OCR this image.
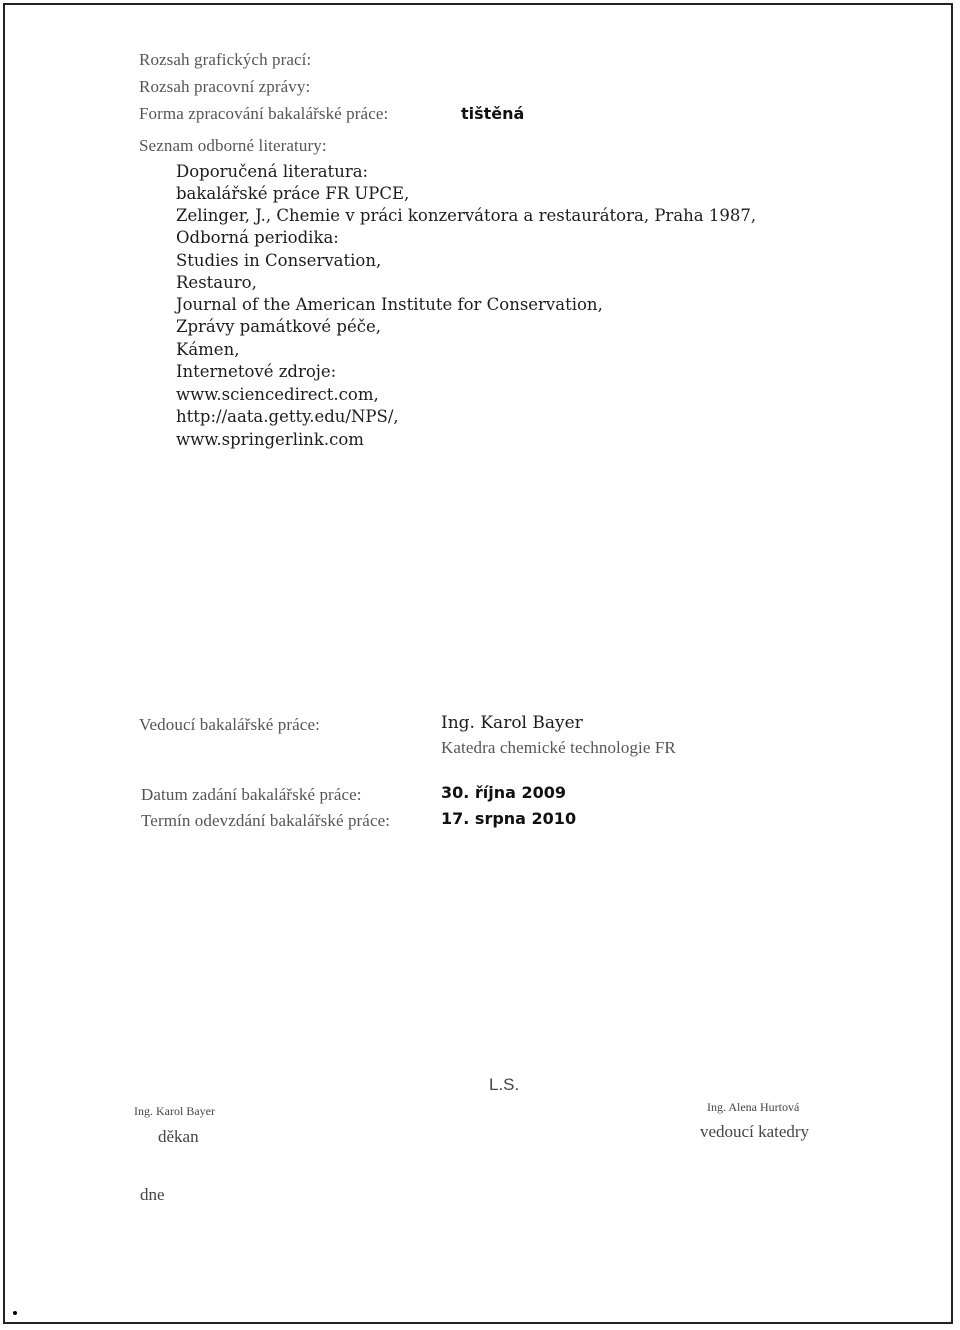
Rozsah grafických prací:
Rozsah pracovní zprávy:
Forma zpracování bakalářské práce:	tištěná
Seznam odborné literatury:
Doporučená literatura:
bakalářské práce FR UPCE,
Zelinger, J., Chemie v práci konzervátora a restaurátora, Praha 1987,
Odborná periodika:
Studies in Conservation,
Restauro,
Journal of the American Institute for Conservation,
Zprávy památkové péče,
Kámen,
Internetové zdroje:
www.sciencedirect.com,
http://aata.getty.edu/NPS/,
www.springerlink.com
Vedoucí bakalářské práce:	Ing. Karol Bayer
Katedra chemické technologie FR
Datum zadání bakalářské práce:	30. října 2009
Termín odevzdání bakalářské práce:	17. srpna 2010
L.S.
Ing. Karol Bayer
děkan
Ing. Alena Hurtová
vedoucí katedry
dne
